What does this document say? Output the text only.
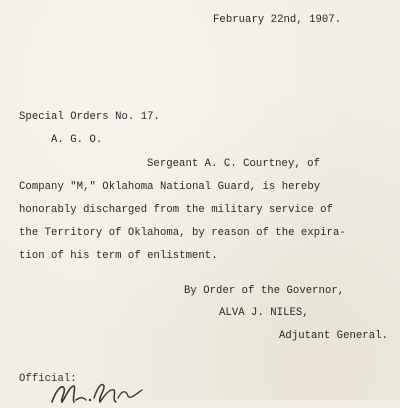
February 22nd, 1907.
Special Orders No. 17.
A. G. O.
Sergeant A. C. Courtney, of
Company "M," Oklahoma National Guard, is hereby
honorably discharged from the military service of
the Territory of Oklahoma, by reason of the expira-
tion of his term of enlistment.
By Order of the Governor,
ALVA J. NILES,
Adjutant General.
Official:
